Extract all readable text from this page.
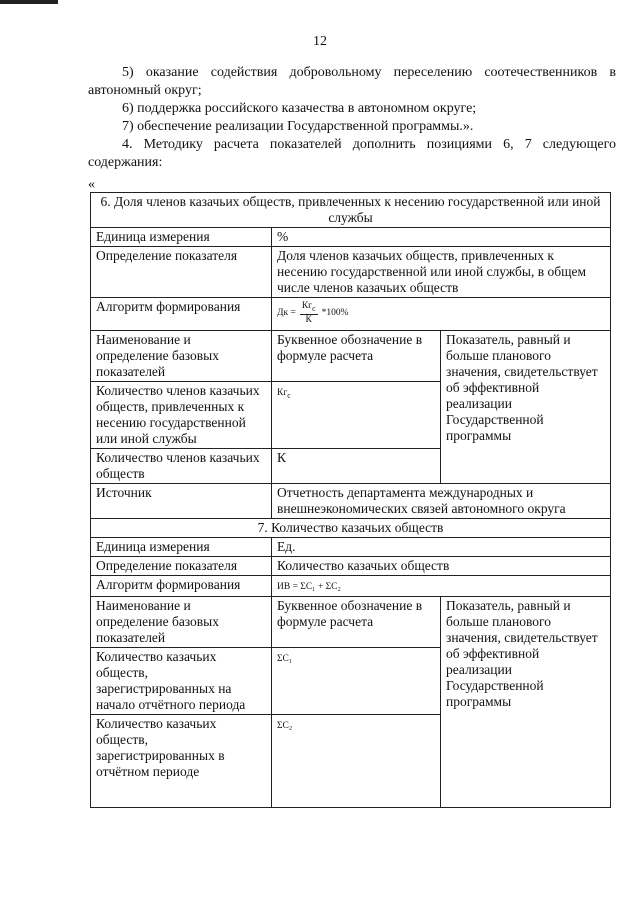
12

5) оказание содействия добровольному переселению соотечественников в автономный округ;

6) поддержка российского казачества в автономном округе;

7) обеспечение реализации Государственной программы.».

4. Методику расчета показателей дополнить позициями 6, 7 следующего содержания:

«
6. Доля членов казачьих обществ, привлеченных к несению государственной или иной службы		
Единица измерения	%	
Определение показателя	Доля членов казачьих обществ, привлеченных к несению государственной или иной службы, в общем числе членов казачьих обществ	
Алгоритм формирования	Дк = $\frac{Кг_с}{К} *100\%$	

Наименование и определение базовых показателей	Буквенное обозначение в формуле расчета	Показатель, равный и больше планового значения, свидетельствует об эффективной реализации Государственной программы
Количество членов казачьих обществ, привлеченных к несению государственной или иной службы	$Кг_с$
Количество членов казачьих обществ	К	
Источник	Отчетность департамента международных и внешнеэкономических связей автономного округа	
7. Количество казачьих обществ		
Единица измерения	Ед.	
Определение показателя	Количество казачьих обществ	
Алгоритм формирования	ИВ = ΣC₁ + ΣC₂	
Наименование и определение базовых показателей	Буквенное обозначение в формуле расчета	Показатель, равный и больше планового значения, свидетельствует об эффективной реализации Государственной программы
Количество казачьих обществ, зарегистрированных на начало отчётного периода	ΣC₁	

Количество казачьих обществ, зарегистрированных в отчётном периоде	ΣC₂	
